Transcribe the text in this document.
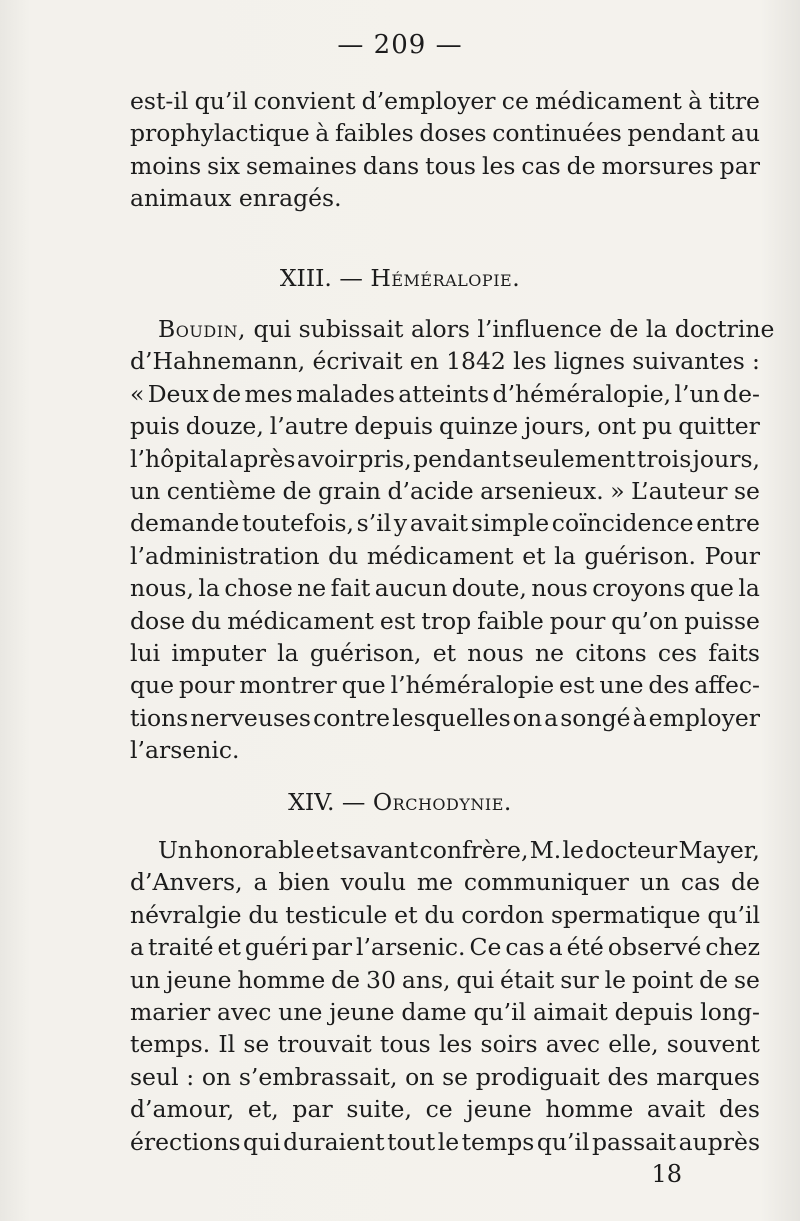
— 209 —
est-il qu’il convient d’employer ce médicament à titre
prophylactique à faibles doses continuées pendant au
moins six semaines dans tous les cas de morsures par
animaux enragés.
XIII. — Héméralopie.
Boudin, qui subissait alors l’influence de la doctrine
d’Hahnemann, écrivait en 1842 les lignes suivantes :
« Deux de mes malades atteints d’héméralopie, l’un de-
puis douze, l’autre depuis quinze jours, ont pu quitter
l’hôpital après avoir pris, pendant seulement trois jours,
un centième de grain d’acide arsenieux. » L’auteur se
demande toutefois, s’il y avait simple coïncidence entre
l’administration du médicament et la guérison. Pour
nous, la chose ne fait aucun doute, nous croyons que la
dose du médicament est trop faible pour qu’on puisse
lui imputer la guérison, et nous ne citons ces faits
que pour montrer que l’héméralopie est une des affec-
tions nerveuses contre lesquelles on a songé à employer
l’arsenic.
XIV. — Orchodynie.
Un honorable et savant confrère, M. le docteur Mayer,
d’Anvers, a bien voulu me communiquer un cas de
névralgie du testicule et du cordon spermatique qu’il
a traité et guéri par l’arsenic. Ce cas a été observé chez
un jeune homme de 30 ans, qui était sur le point de se
marier avec une jeune dame qu’il aimait depuis long-
temps. Il se trouvait tous les soirs avec elle, souvent
seul : on s’embrassait, on se prodiguait des marques
d’amour, et, par suite, ce jeune homme avait des
érections qui duraient tout le temps qu’il passait auprès
18
